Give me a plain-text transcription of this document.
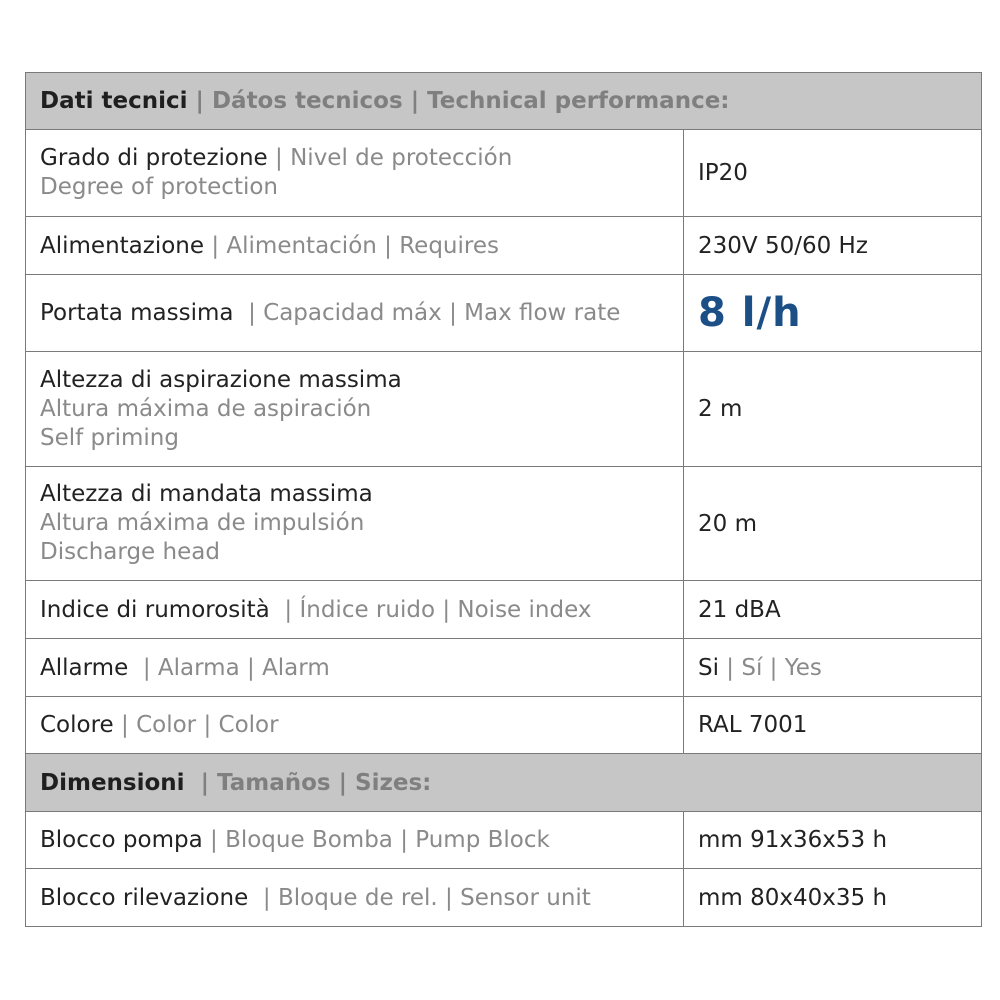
Dati tecnici | Dátos tecnicos | Technical performance:	

Grado di protezione | Nivel de protección
Degree of protection	IP20
Alimentazione | Alimentación | Requires	230V 50/60 Hz
Portata massima  | Capacidad máx | Max flow rate	8 l/h

Altezza di aspirazione massima
Altura máxima de aspiración
Self priming	2 m

Altezza di mandata massima
Altura máxima de impulsión
Discharge head	20 m
Indice di rumorosità  | Índice ruido | Noise index	21 dBA
Allarme  | Alarma | Alarm	Si | Sí | Yes
Colore | Color | Color	RAL 7001
Dimensioni  | Tamaños | Sizes:	
Blocco pompa | Bloque Bomba | Pump Block	mm 91x36x53 h
Blocco rilevazione  | Bloque de rel. | Sensor unit	mm 80x40x35 h
